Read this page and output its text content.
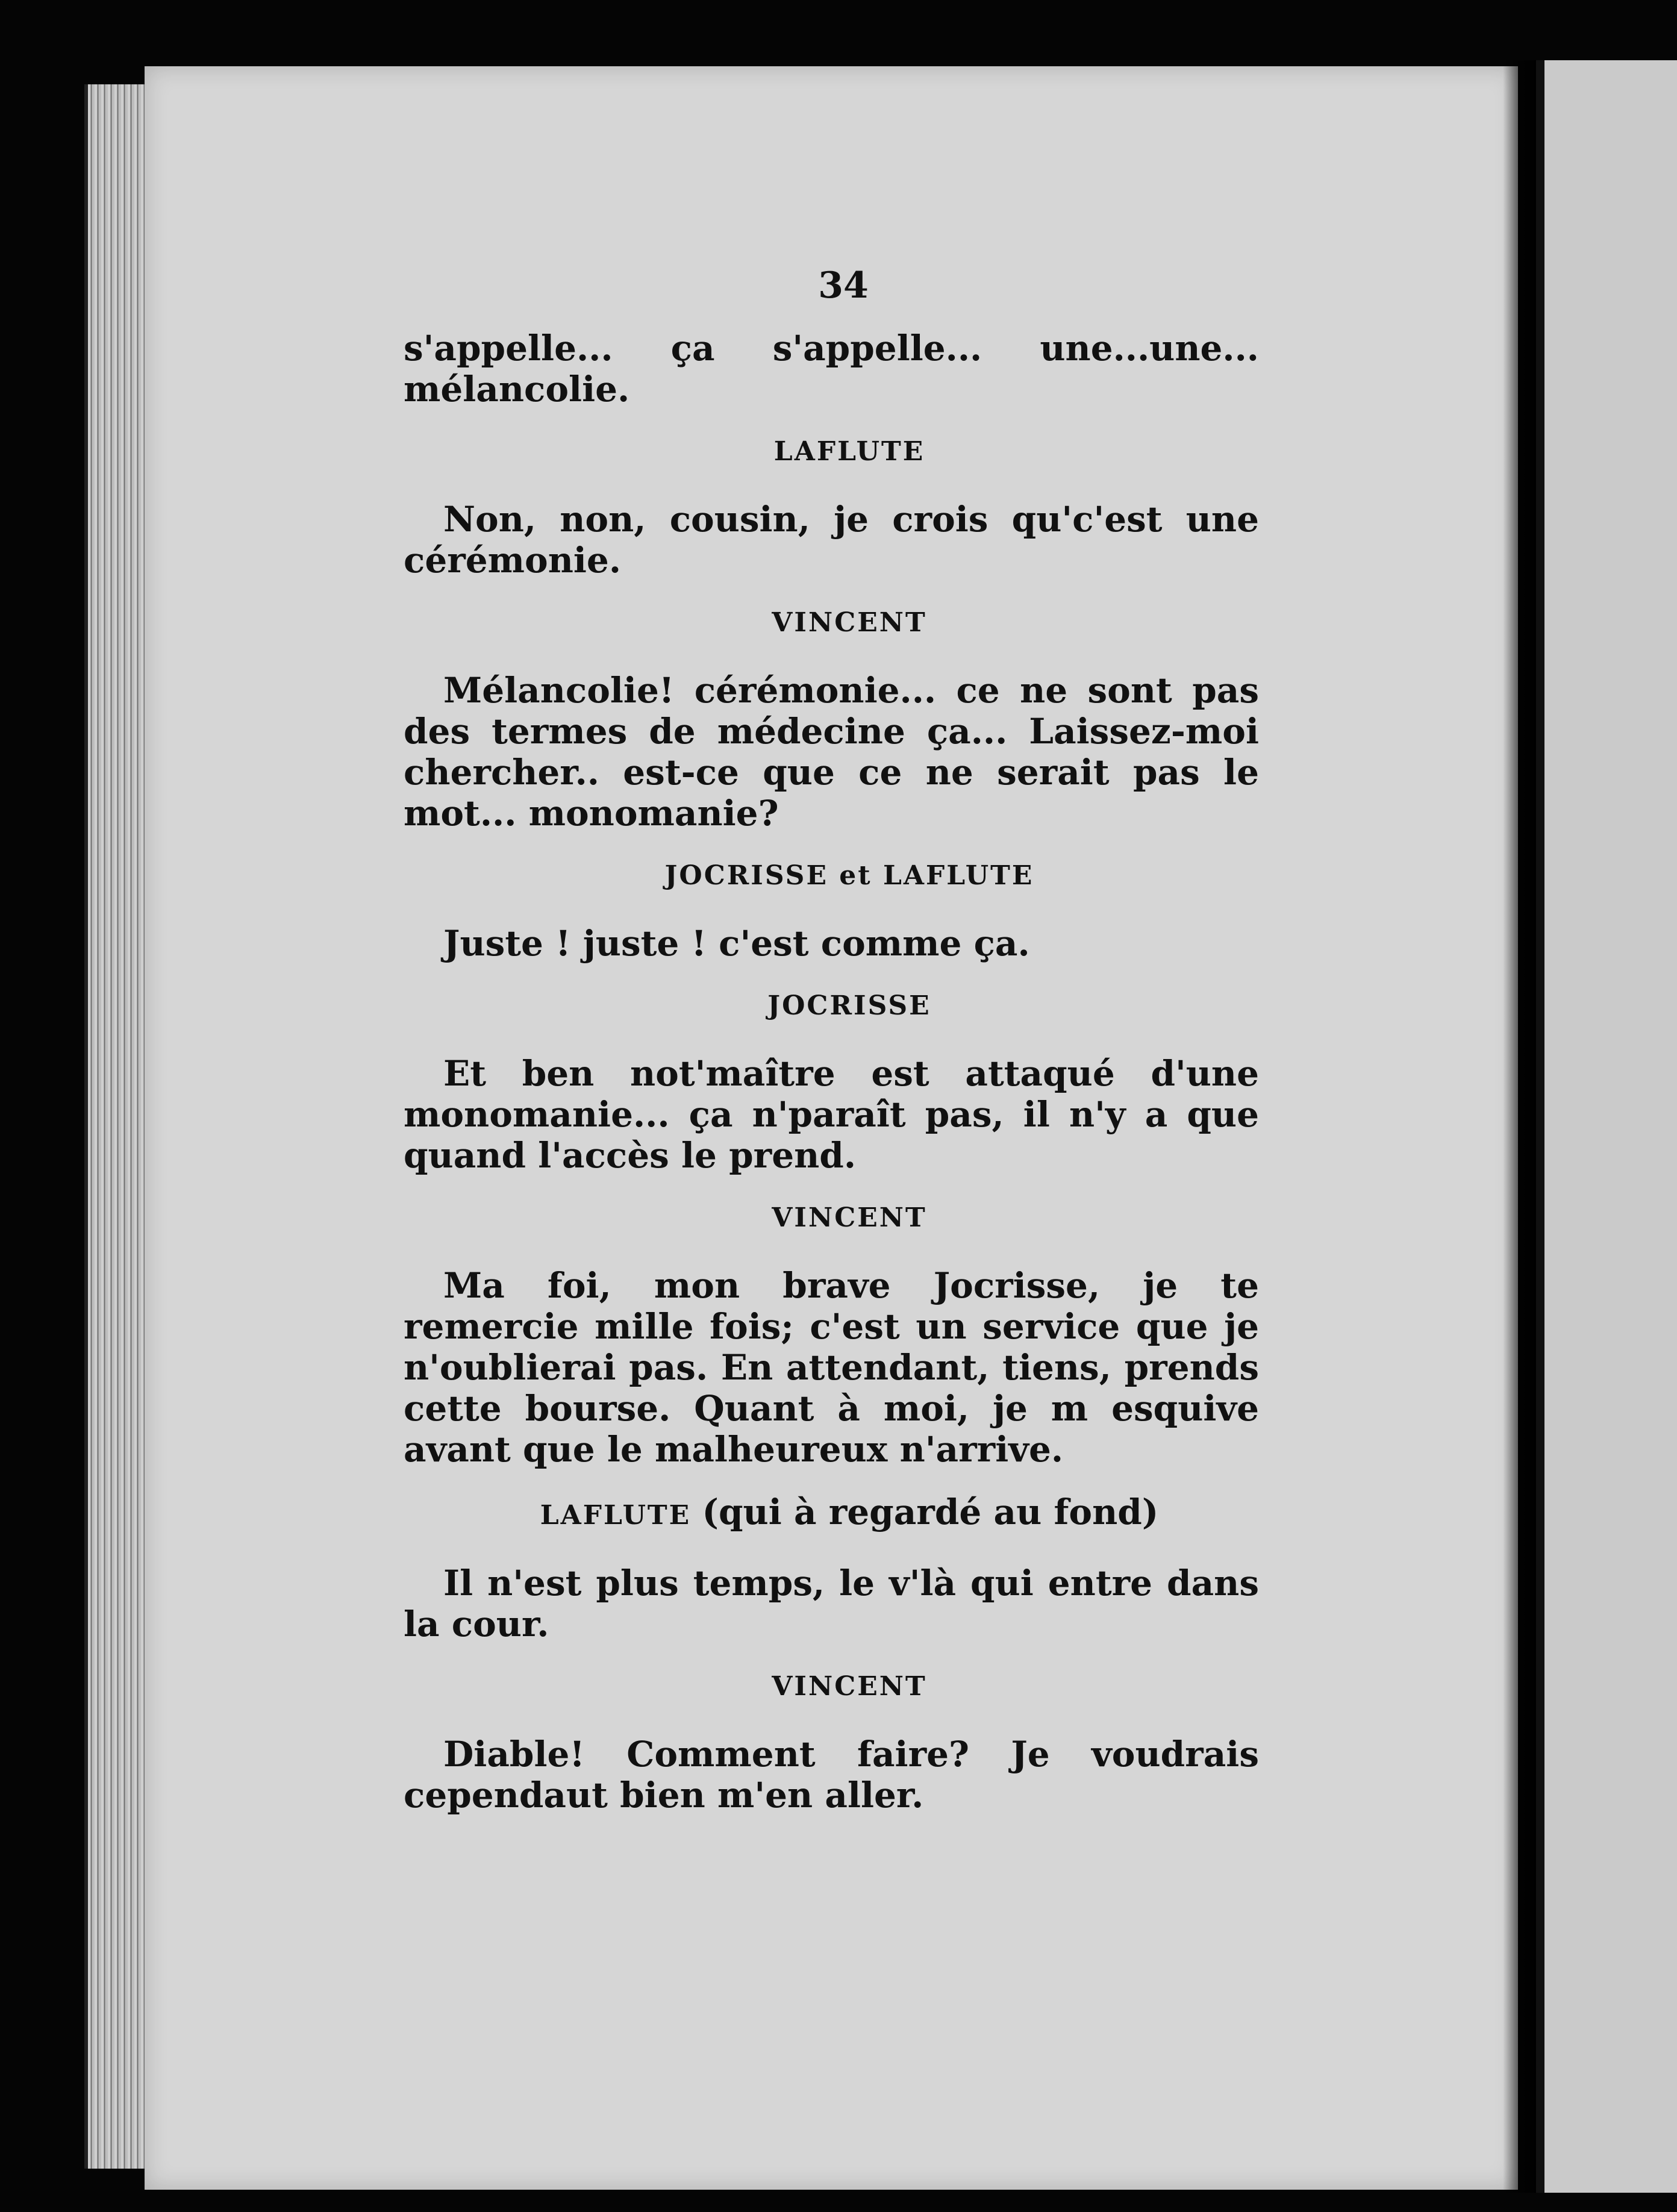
34

s'appelle... ça s'appelle... une...une... mélancolie.

LAFLUTE

Non, non, cousin, je crois qu'c'est une cérémonie.

VINCENT

Mélancolie! cérémonie... ce ne sont pas des termes de médecine ça... Laissez-moi chercher.. est-ce que ce ne serait pas le mot... monomanie?

JOCRISSE et LAFLUTE

Juste ! juste ! c'est comme ça.

JOCRISSE

Et ben not'maître est attaqué d'une monomanie... ça n'paraît pas, il n'y a que quand l'accès le prend.

VINCENT

Ma foi, mon brave Jocrisse, je te remercie mille fois; c'est un service que je n'oublierai pas. En attendant, tiens, prends cette bourse. Quant à moi, je m esquive avant que le malheureux n'arrive.

LAFLUTE (qui à regardé au fond)

Il n'est plus temps, le v'là qui entre dans la cour.

VINCENT

Diable! Comment faire? Je voudrais cependaut bien m'en aller.
